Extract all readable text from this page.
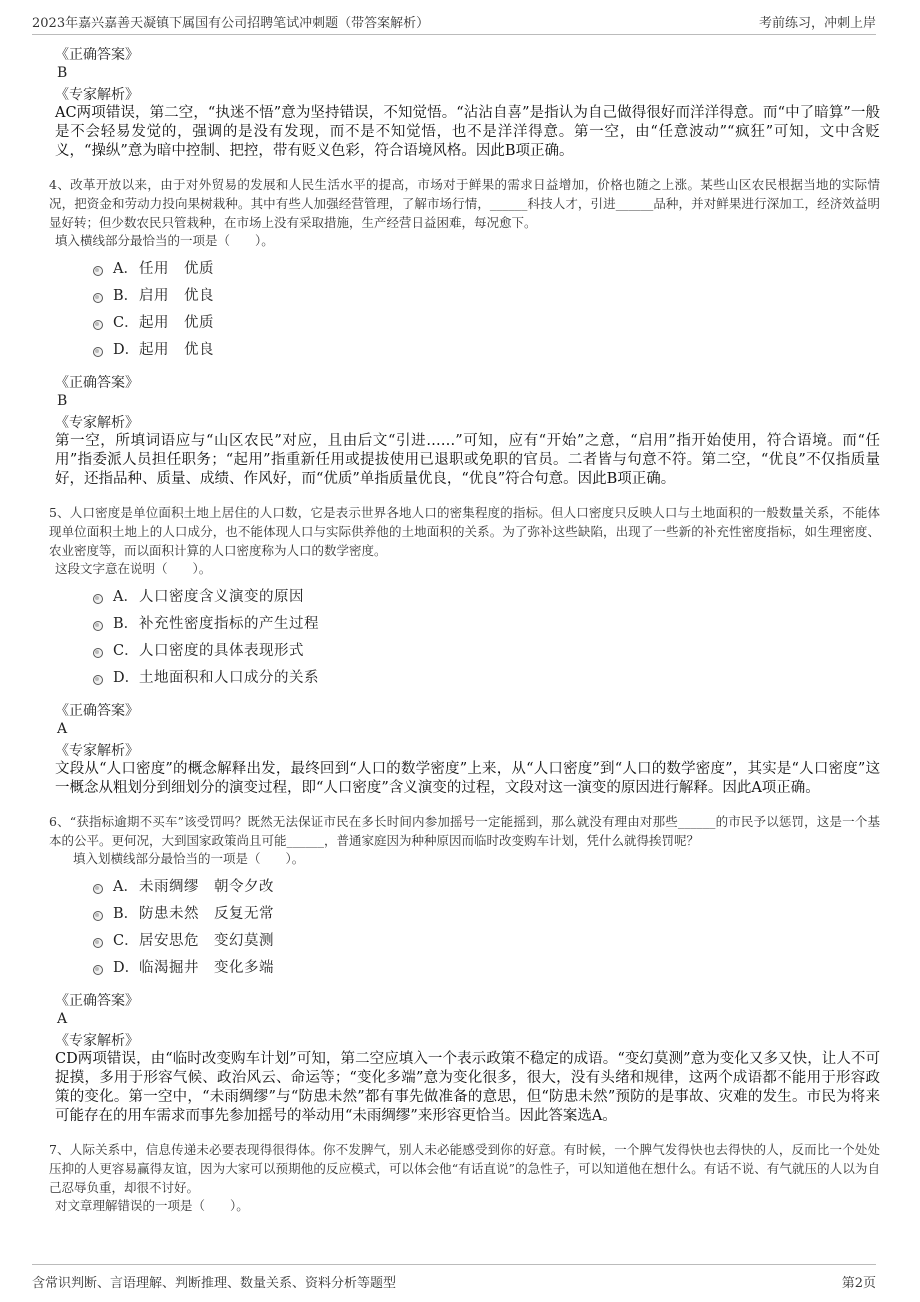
2023年嘉兴嘉善天凝镇下属国有公司招聘笔试冲刺题（带答案解析）	考前练习，冲刺上岸
《正确答案》
B
《专家解析》
AC两项错误，第二空，“执迷不悟”意为坚持错误，不知觉悟。“沾沾自喜”是指认为自己做得很好而洋洋得意。而“中了暗算”一般是不会轻易发觉的，强调的是没有发现，而不是不知觉悟，也不是洋洋得意。第一空，由“任意波动”“疯狂”可知，文中含贬义，“操纵”意为暗中控制、把控，带有贬义色彩，符合语境风格。因此B项正确。
4、改革开放以来，由于对外贸易的发展和人民生活水平的提高，市场对于鲜果的需求日益增加，价格也随之上涨。某些山区农民根据当地的实际情况，把资金和劳动力投向果树栽种。其中有些人加强经营管理，了解市场行情，______科技人才，引进______品种，并对鲜果进行深加工，经济效益明显好转；但少数农民只管栽种，在市场上没有采取措施，生产经营日益困难，每况愈下。
填入横线部分最恰当的一项是（　　）。
A． 任用　优质
B． 启用　优良
C． 起用　优质
D． 起用　优良
《正确答案》
B
《专家解析》
第一空，所填词语应与“山区农民”对应，且由后文“引进……”可知，应有“开始”之意，“启用”指开始使用，符合语境。而“任用”指委派人员担任职务；“起用”指重新任用或提拔使用已退职或免职的官员。二者皆与句意不符。第二空，“优良”不仅指质量好，还指品种、质量、成绩、作风好，而“优质”单指质量优良，“优良”符合句意。因此B项正确。
5、人口密度是单位面积土地上居住的人口数，它是表示世界各地人口的密集程度的指标。但人口密度只反映人口与土地面积的一般数量关系，不能体现单位面积土地上的人口成分，也不能体现人口与实际供养他的土地面积的关系。为了弥补这些缺陷，出现了一些新的补充性密度指标，如生理密度、农业密度等，而以面积计算的人口密度称为人口的数学密度。
这段文字意在说明（　　）。
A． 人口密度含义演变的原因
B． 补充性密度指标的产生过程
C． 人口密度的具体表现形式
D． 土地面积和人口成分的关系
《正确答案》
A
《专家解析》
文段从“人口密度”的概念解释出发，最终回到“人口的数学密度”上来，从“人口密度”到“人口的数学密度”，其实是“人口密度”这一概念从粗划分到细划分的演变过程，即“人口密度”含义演变的过程，文段对这一演变的原因进行解释。因此A项正确。
6、“获指标逾期不买车”该受罚吗？既然无法保证市民在多长时间内参加摇号一定能摇到，那么就没有理由对那些______的市民予以惩罚，这是一个基本的公平。更何况，大到国家政策尚且可能______，普通家庭因为种种原因而临时改变购车计划，凭什么就得挨罚呢？
填入划横线部分最恰当的一项是（　　）。
A． 未雨绸缪　朝令夕改
B． 防患未然　反复无常
C． 居安思危　变幻莫测
D． 临渴掘井　变化多端
《正确答案》
A
《专家解析》
CD两项错误，由“临时改变购车计划”可知，第二空应填入一个表示政策不稳定的成语。“变幻莫测”意为变化又多又快，让人不可捉摸，多用于形容气候、政治风云、命运等；“变化多端”意为变化很多，很大，没有头绪和规律，这两个成语都不能用于形容政策的变化。第一空中，“未雨绸缪”与“防患未然”都有事先做准备的意思，但“防患未然”预防的是事故、灾难的发生。市民为将来可能存在的用车需求而事先参加摇号的举动用“未雨绸缪”来形容更恰当。因此答案选A。
7、人际关系中，信息传递未必要表现得很得体。你不发脾气，别人未必能感受到你的好意。有时候，一个脾气发得快也去得快的人，反而比一个处处压抑的人更容易赢得友谊，因为大家可以预期他的反应模式，可以体会他“有话直说”的急性子，可以知道他在想什么。有话不说、有气就压的人以为自己忍辱负重，却很不讨好。
对文章理解错误的一项是（　　）。
含常识判断、言语理解、判断推理、数量关系、资料分析等题型	第2页
